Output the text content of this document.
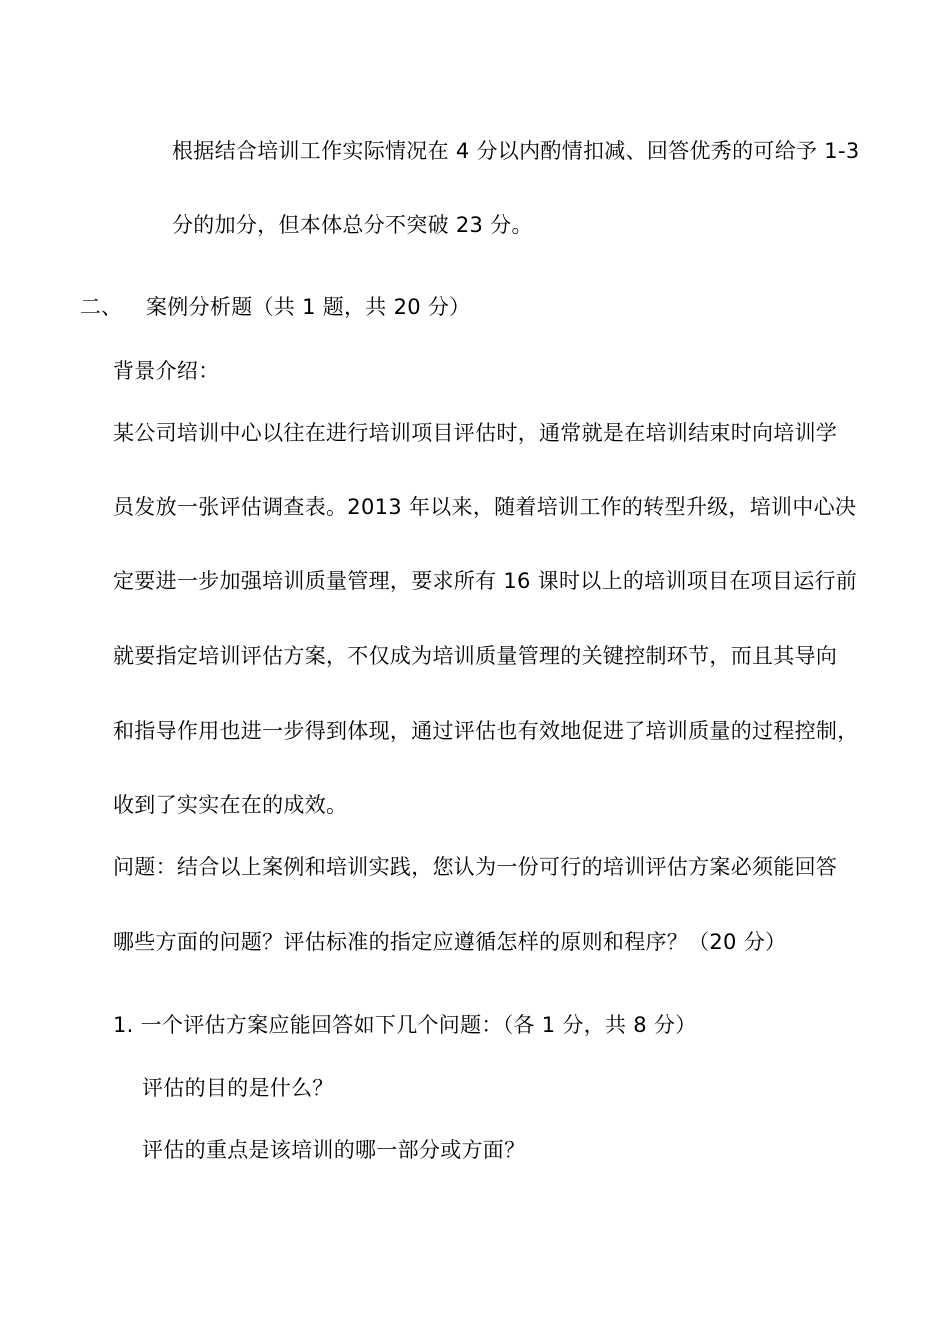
根据结合培训工作实际情况在 4 分以内酌情扣减、回答优秀的可给予 1-3
分的加分，但本体总分不突破 23 分。
二、 案例分析题（共 1 题，共 20 分）
背景介绍：
某公司培训中心以往在进行培训项目评估时，通常就是在培训结束时向培训学
员发放一张评估调查表。2013 年以来，随着培训工作的转型升级，培训中心决
定要进一步加强培训质量管理，要求所有 16 课时以上的培训项目在项目运行前
就要指定培训评估方案，不仅成为培训质量管理的关键控制环节，而且其导向
和指导作用也进一步得到体现，通过评估也有效地促进了培训质量的过程控制，
收到了实实在在的成效。
问题：结合以上案例和培训实践，您认为一份可行的培训评估方案必须能回答
哪些方面的问题？评估标准的指定应遵循怎样的原则和程序？（20 分）
1. 一个评估方案应能回答如下几个问题：（各 1 分，共 8 分）
评估的目的是什么？
评估的重点是该培训的哪一部分或方面？
